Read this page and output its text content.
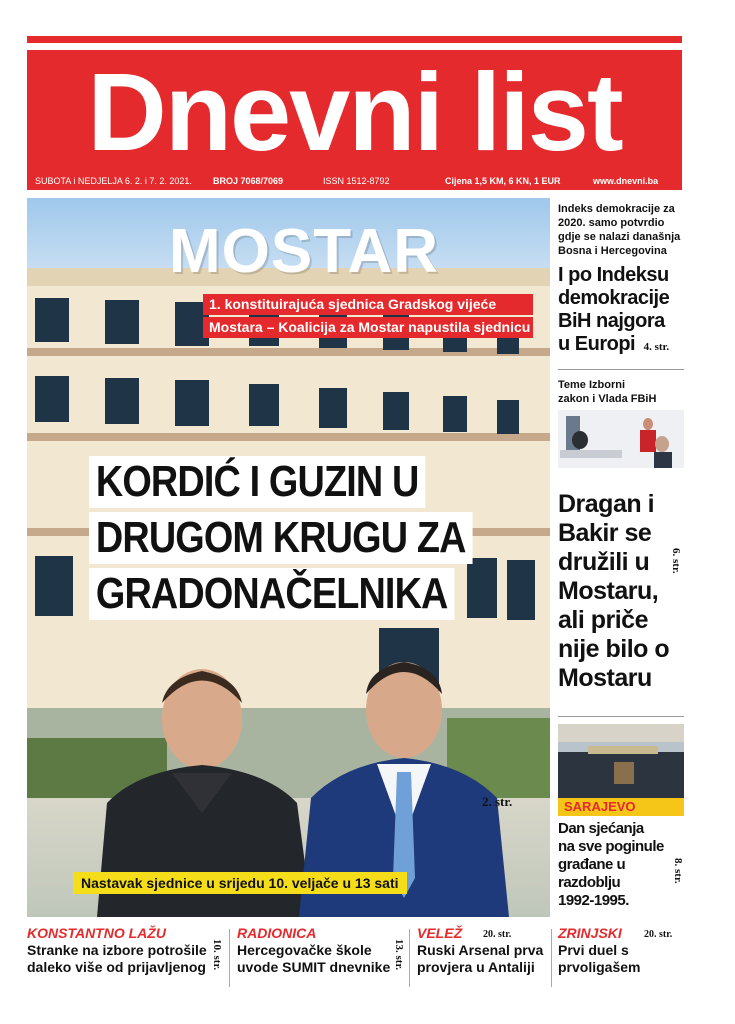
Dnevni list
SUBOTA i NEDJELJA 6. 2. i 7. 2. 2021. BROJ 7068/7069	ISSN 1512-8792	Cijena 1,5 KM, 6 KN, 1 EUR	www.dnevni.ba
MOSTAR
1. konstituirajuća sjednica Gradskog vijeće
Mostara – Koalicija za Mostar napustila sjednicu
KORDIĆ I GUZIN U
DRUGOM KRUGU ZA
GRADONAČELNIKA
2. str.
Nastavak sjednice u srijedu 10. veljače u 13 sati
Indeks demokracije za 2020. samo potvrdio gdje se nalazi današnja Bosna i Hercegovina
I po Indeksu
demokracije
BiH najgora
u Europi 4. str.
Teme Izborni zakon i Vlada FBiH
Dragan i
Bakir se
družili u
Mostaru,
ali priče
nije bilo o
Mostaru
6. str.
SARAJEVO
Dan sjećanja
na sve poginule
građane u
razdoblju
1992-1995.
8. str.
KONSTANTNO LAŽU
Stranke na izbore potrošile
daleko više od prijavljenog 10. str.
RADIONICA
Hercegovačke škole
uvode SUMIT dnevnike 13. str.
VELEŽ 20. str.
Ruski Arsenal prva
provjera u Antaliji
ZRINJSKI 20. str.
Prvi duel s
prvoligašem
